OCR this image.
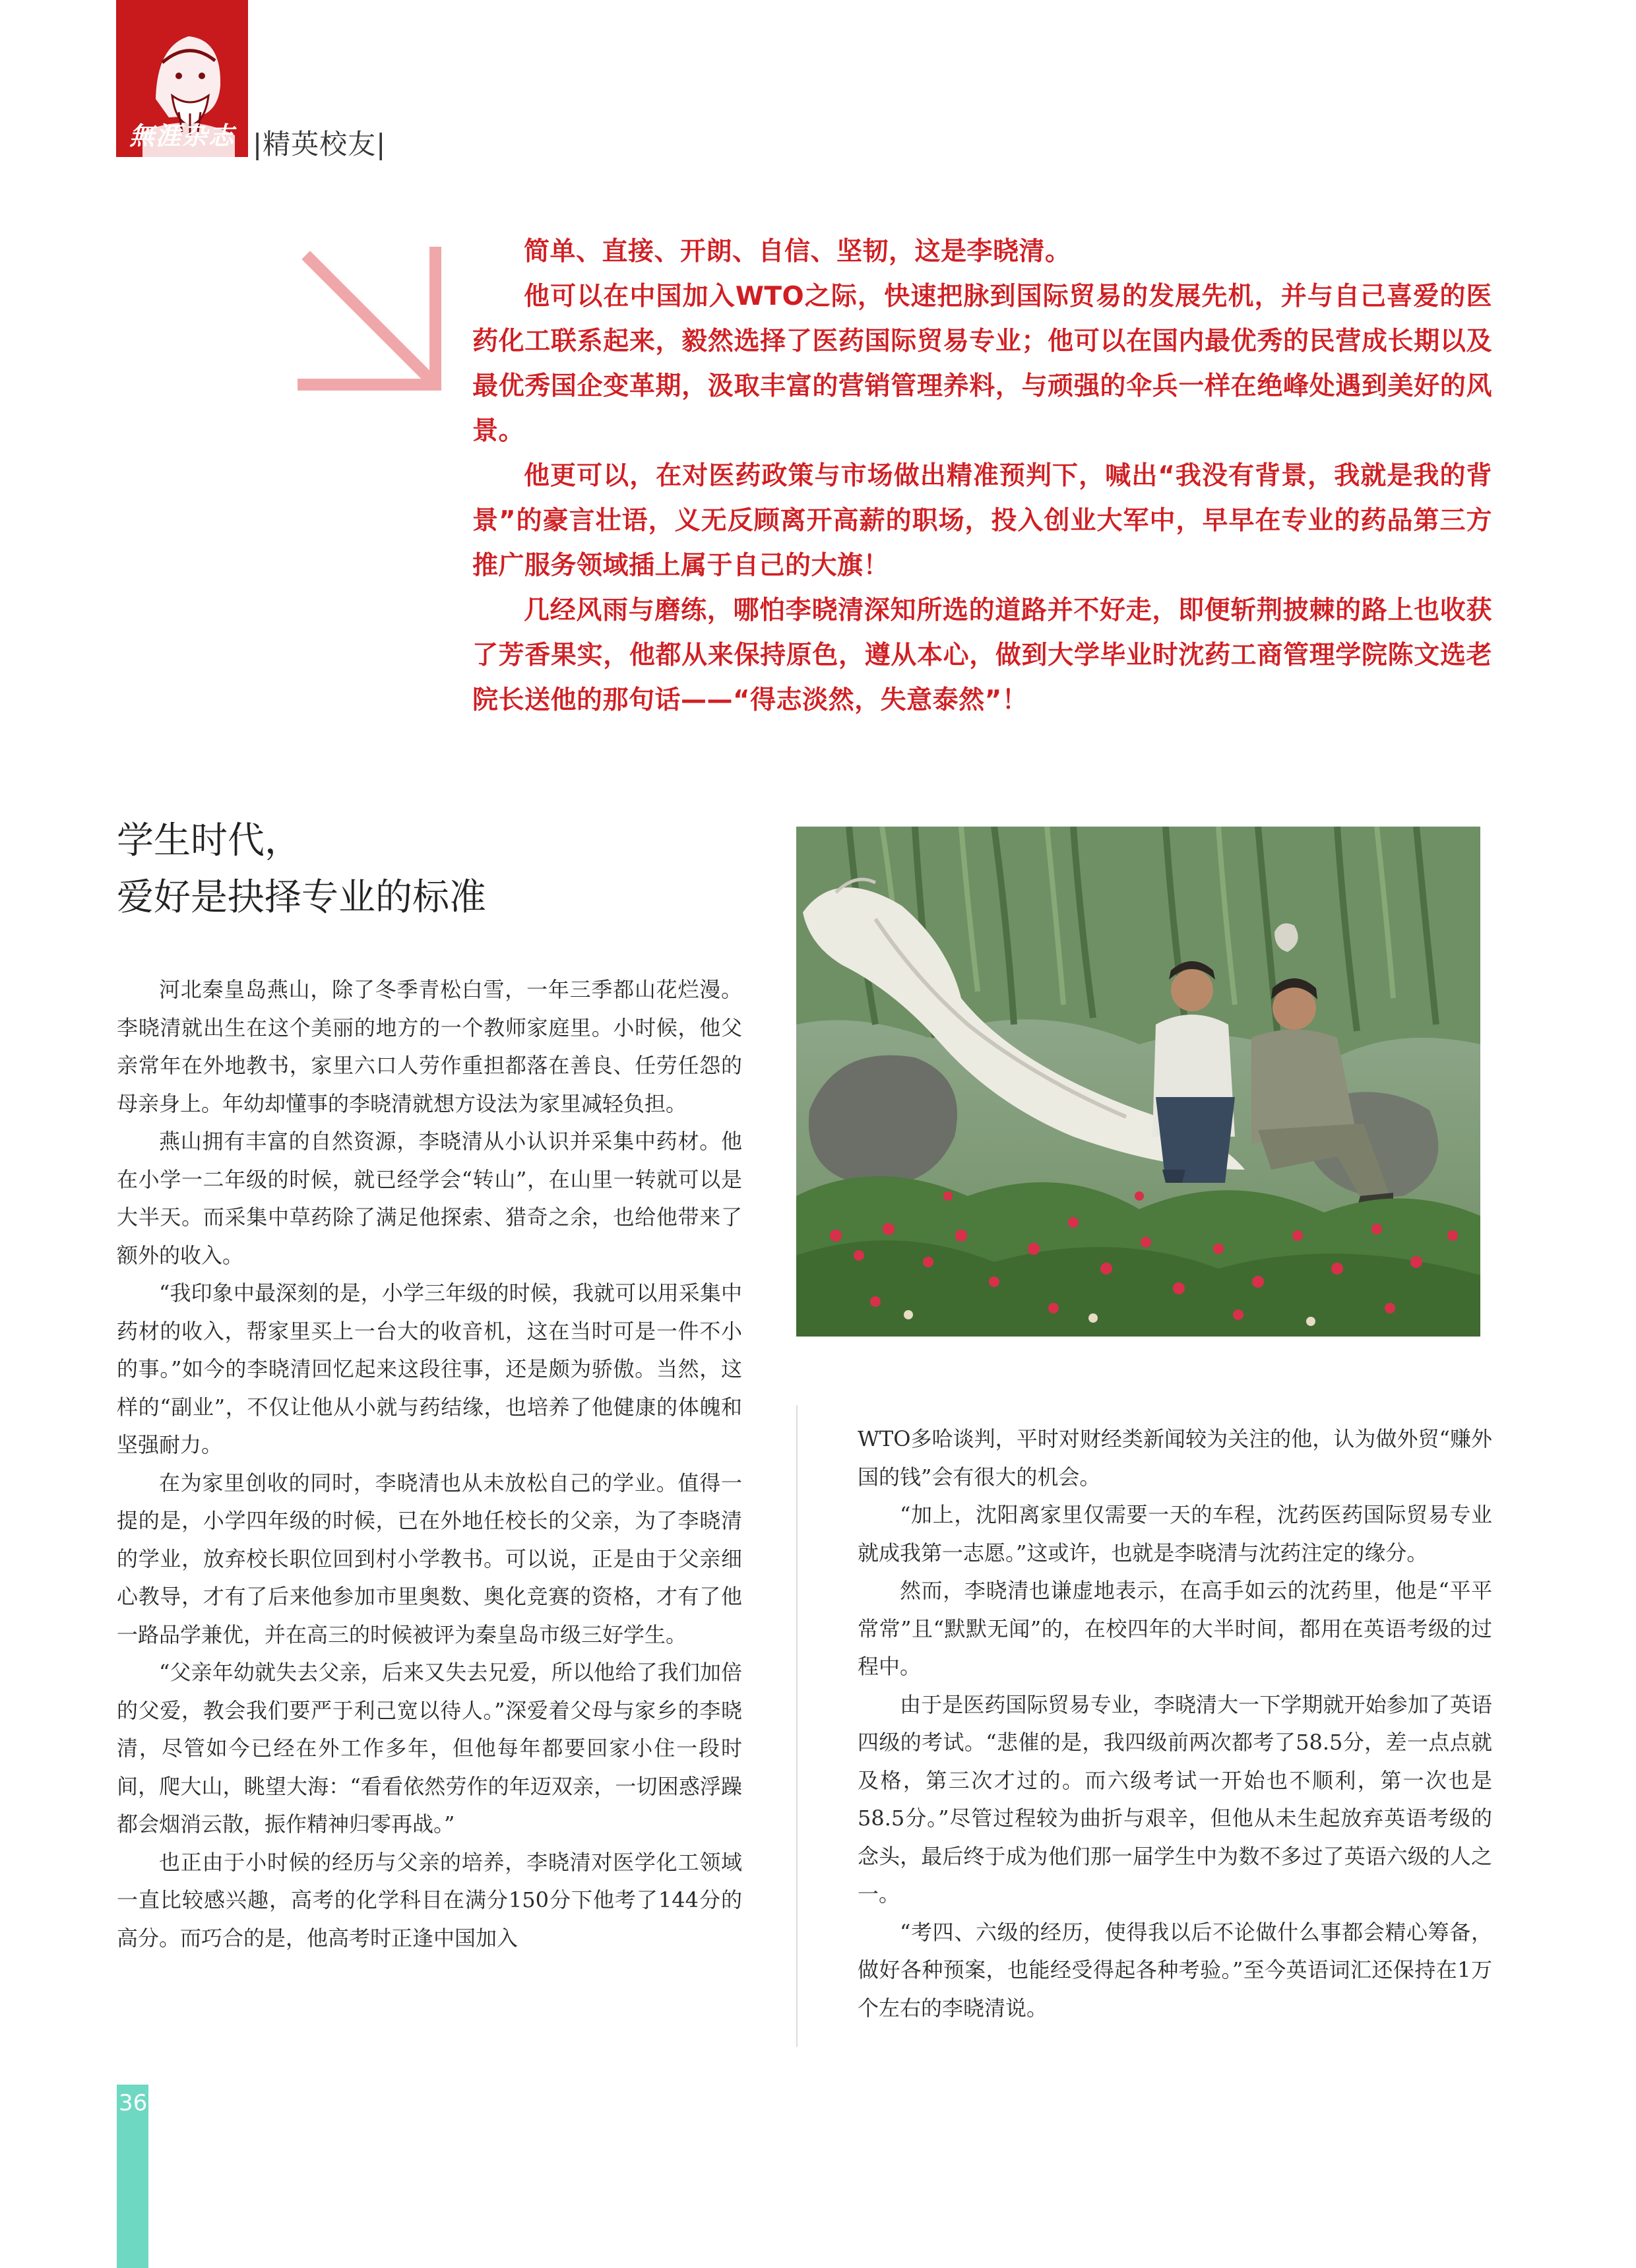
無涯杂志 |精英校友|

简单、直接、开朗、自信、坚韧，这是李晓清。

他可以在中国加入WTO之际，快速把脉到国际贸易的发展先机，并与自己喜爱的医药化工联系起来，毅然选择了医药国际贸易专业；他可以在国内最优秀的民营成长期以及最优秀国企变革期，汲取丰富的营销管理养料，与顽强的伞兵一样在绝峰处遇到美好的风景。

他更可以，在对医药政策与市场做出精准预判下，喊出“我没有背景，我就是我的背景”的豪言壮语，义无反顾离开高薪的职场，投入创业大军中，早早在专业的药品第三方推广服务领域插上属于自己的大旗！

几经风雨与磨练，哪怕李晓清深知所选的道路并不好走，即便斩荆披棘的路上也收获了芳香果实，他都从来保持原色，遵从本心，做到大学毕业时沈药工商管理学院陈文选老院长送他的那句话——“得志淡然，失意泰然”！

学生时代，
爱好是抉择专业的标准

河北秦皇岛燕山，除了冬季青松白雪，一年三季都山花烂漫。李晓清就出生在这个美丽的地方的一个教师家庭里。小时候，他父亲常年在外地教书，家里六口人劳作重担都落在善良、任劳任怨的母亲身上。年幼却懂事的李晓清就想方设法为家里减轻负担。

燕山拥有丰富的自然资源，李晓清从小认识并采集中药材。他在小学一二年级的时候，就已经学会“转山”，在山里一转就可以是大半天。而采集中草药除了满足他探索、猎奇之余，也给他带来了额外的收入。

“我印象中最深刻的是，小学三年级的时候，我就可以用采集中药材的收入，帮家里买上一台大的收音机，这在当时可是一件不小的事。”如今的李晓清回忆起来这段往事，还是颇为骄傲。当然，这样的“副业”，不仅让他从小就与药结缘，也培养了他健康的体魄和坚强耐力。

在为家里创收的同时，李晓清也从未放松自己的学业。值得一提的是，小学四年级的时候，已在外地任校长的父亲，为了李晓清的学业，放弃校长职位回到村小学教书。可以说，正是由于父亲细心教导，才有了后来他参加市里奥数、奥化竞赛的资格，才有了他一路品学兼优，并在高三的时候被评为秦皇岛市级三好学生。

“父亲年幼就失去父亲，后来又失去兄爱，所以他给了我们加倍的父爱，教会我们要严于利己宽以待人。”深爱着父母与家乡的李晓清，尽管如今已经在外工作多年，但他每年都要回家小住一段时间，爬大山，眺望大海：“看看依然劳作的年迈双亲，一切困惑浮躁都会烟消云散，振作精神归零再战。”

也正由于小时候的经历与父亲的培养，李晓清对医学化工领域一直比较感兴趣，高考的化学科目在满分150分下他考了144分的高分。而巧合的是，他高考时正逢中国加入

WTO多哈谈判，平时对财经类新闻较为关注的他，认为做外贸“赚外国的钱”会有很大的机会。

“加上，沈阳离家里仅需要一天的车程，沈药医药国际贸易专业就成我第一志愿。”这或许，也就是李晓清与沈药注定的缘分。

然而，李晓清也谦虚地表示，在高手如云的沈药里，他是“平平常常”且“默默无闻”的，在校四年的大半时间，都用在英语考级的过程中。

由于是医药国际贸易专业，李晓清大一下学期就开始参加了英语四级的考试。“悲催的是，我四级前两次都考了58.5分，差一点点就及格，第三次才过的。而六级考试一开始也不顺利，第一次也是58.5分。”尽管过程较为曲折与艰辛，但他从未生起放弃英语考级的念头，最后终于成为他们那一届学生中为数不多过了英语六级的人之一。

“考四、六级的经历，使得我以后不论做什么事都会精心筹备，做好各种预案，也能经受得起各种考验。”至今英语词汇还保持在1万个左右的李晓清说。

36
